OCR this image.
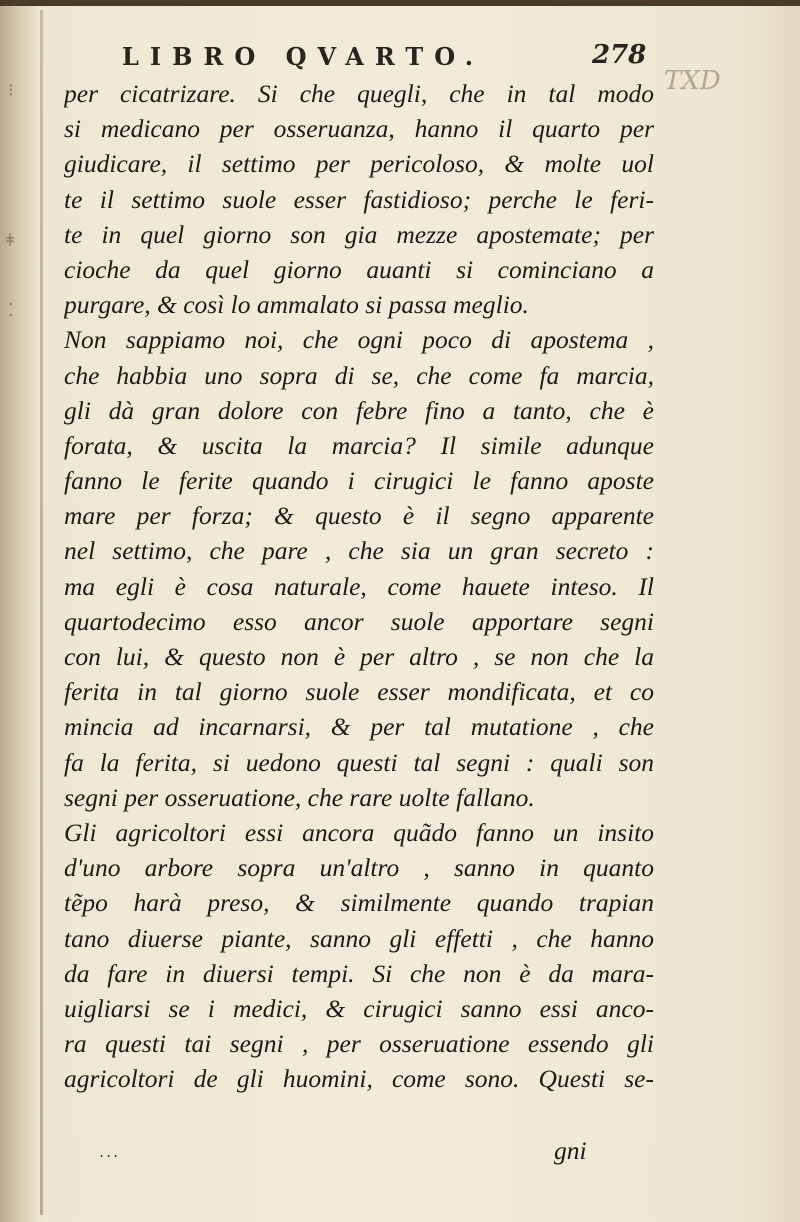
⁝
ǂ
⁚
LIBRO QVARTO.	278
TXD
per cicatrizare. Si che quegli, che in tal modo
si medicano per osseruanza, hanno il quarto per
giudicare, il settimo per pericoloso, & molte uol
te il settimo suole esser fastidioso; perche le feri-
te in quel giorno son gia mezze apostemate; per
cioche da quel giorno auanti si cominciano a
purgare, & così lo ammalato si passa meglio.
Non sappiamo noi, che ogni poco di apostema ,
che habbia uno sopra di se, che come fa marcia,
gli dà gran dolore con febre fino a tanto, che è
forata, & uscita la marcia? Il simile adunque
fanno le ferite quando i cirugici le fanno aposte
mare per forza; & questo è il segno apparente
nel settimo, che pare , che sia un gran secreto :
ma egli è cosa naturale, come hauete inteso. Il
quartodecimo esso ancor suole apportare segni
con lui, & questo non è per altro , se non che la
ferita in tal giorno suole esser mondificata, et co
mincia ad incarnarsi, & per tal mutatione , che
fa la ferita, si uedono questi tal segni : quali son
segni per osseruatione, che rare uolte fallano.
Gli agricoltori essi ancora quãdo fanno un insito
d'uno arbore sopra un'altro , sanno in quanto
tẽpo harà preso, & similmente quando trapian
tano diuerse piante, sanno gli effetti , che hanno
da fare in diuersi tempi. Si che non è da mara-
uigliarsi se i medici, & cirugici sanno essi anco-
ra questi tai segni , per osseruatione essendo gli
agricoltori de gli huomini, come sono. Questi se-
...	gni
